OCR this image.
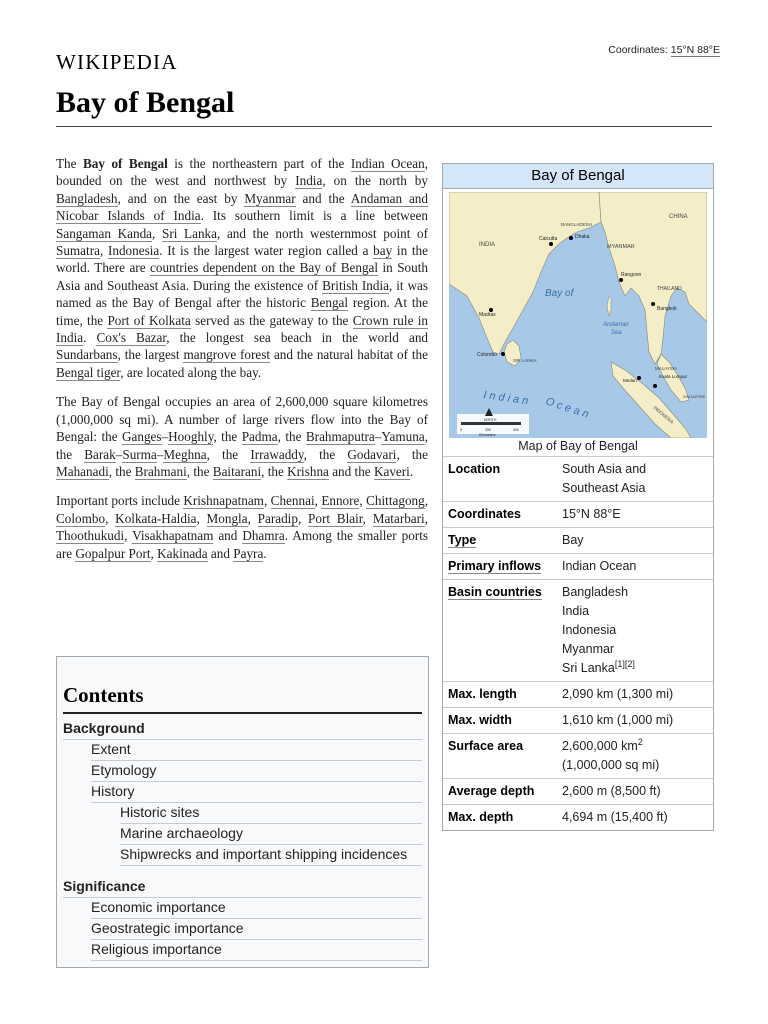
WIKIPEDIA	Coordinates: 15°N 88°E
Bay of Bengal

The Bay of Bengal is the northeastern part of the Indian Ocean, bounded on the west and northwest by India, on the north by Bangladesh, and on the east by Myanmar and the Andaman and Nicobar Islands of India. Its southern limit is a line between Sangaman Kanda, Sri Lanka, and the north westernmost point of Sumatra, Indonesia. It is the largest water region called a bay in the world. There are countries dependent on the Bay of Bengal in South Asia and Southeast Asia. During the existence of British India, it was named as the Bay of Bengal after the historic Bengal region. At the time, the Port of Kolkata served as the gateway to the Crown rule in India. Cox's Bazar, the longest sea beach in the world and Sundarbans, the largest mangrove forest and the natural habitat of the Bengal tiger, are located along the bay.

The Bay of Bengal occupies an area of 2,600,000 square kilometres (1,000,000 sq mi). A number of large rivers flow into the Bay of Bengal: the Ganges–Hooghly, the Padma, the Brahmaputra–Yamuna, the Barak–Surma–Meghna, the Irrawaddy, the Godavari, the Mahanadi, the Brahmani, the Baitarani, the Krishna and the Kaveri.

Important ports include Krishnapatnam, Chennai, Ennore, Chittagong, Colombo, Kolkata-Haldia, Mongla, Paradip, Port Blair, Matarbari, Thoothukudi, Visakhapatnam and Dhamra. Among the smaller ports are Gopalpur Port, Kakinada and Payra.

Contents
Background
Extent
Etymology
History
Historic sites
Marine archaeology
Shipwrecks and important shipping incidences
Significance
Economic importance
Geostrategic importance
Religious importance
Bay of Bengal
CHINA
INDIA
BANGLADESH
Calcutta	Dhaka
MYANMAR
Rangoon
THAILAND
Bangkok
Bay of
Madras
Andaman
Sea
Colombo
SRI LANKA
MALAYSIA
Kuala Lumpur
Medan
SINGAPORE
INDONESIA
I n d i a n O c e a n
NORTH
0	250	500
Kilometers
Map of Bay of Bengal
Location	South Asia and
Southeast Asia
Coordinates	15°N 88°E
Type	Bay
Primary inflows	Indian Ocean
Basin countries	Bangladesh
India
Indonesia
Myanmar
Sri Lanka[1][2]
Max. length	2,090 km (1,300 mi)
Max. width	1,610 km (1,000 mi)
Surface area	2,600,000 $km^2$
(1,000,000 sq mi)
Average depth	2,600 m (8,500 ft)
Max. depth	4,694 m (15,400 ft)
